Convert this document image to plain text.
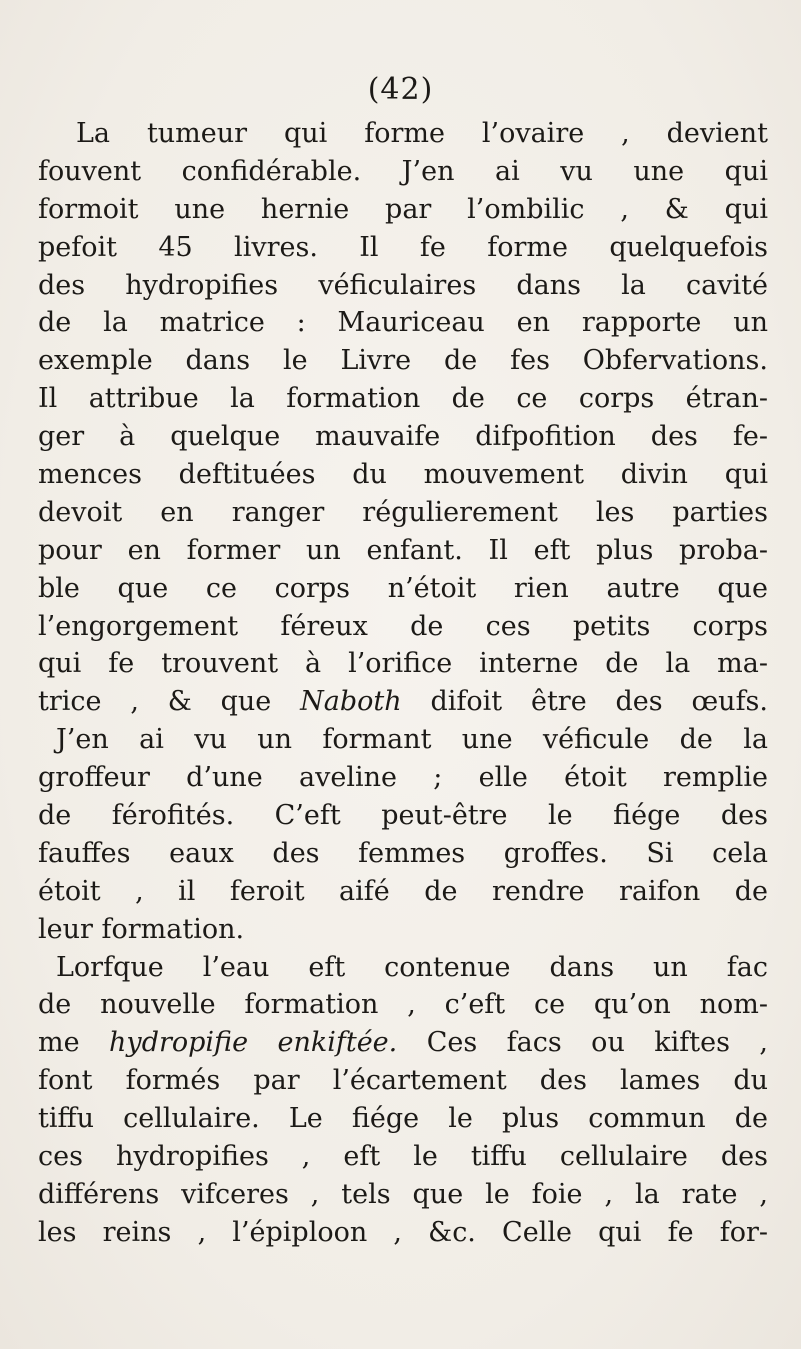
(42)
La tumeur qui forme l’ovaire , devient
fouvent confidérable. J’en ai vu une qui
formoit une hernie par l’ombilic , & qui
pefoit 45 livres. Il fe forme quelquefois
des hydropifies véficulaires dans la cavité
de la matrice : Mauriceau en rapporte un
exemple dans le Livre de fes Obfervations.
Il attribue la formation de ce corps étran-
ger à quelque mauvaife difpofition des fe-
mences deftituées du mouvement divin qui
devoit en ranger régulierement les parties
pour en former un enfant. Il eft plus proba-
ble que ce corps n’étoit rien autre que
l’engorgement féreux de ces petits corps
qui fe trouvent à l’orifice interne de la ma-
trice , & que Naboth difoit être des œufs.
J’en ai vu un formant une véficule de la
groffeur d’une aveline ; elle étoit remplie
de férofités. C’eft peut-être le fiége des
fauffes eaux des femmes groffes. Si cela
étoit , il feroit aifé de rendre raifon de
leur formation.
Lorfque l’eau eft contenue dans un fac
de nouvelle formation , c’eft ce qu’on nom-
me hydropifie enkiftée. Ces facs ou kiftes ,
font formés par l’écartement des lames du
tiffu cellulaire. Le fiége le plus commun de
ces hydropifies , eft le tiffu cellulaire des
différens vifceres , tels que le foie , la rate ,
les reins , l’épiploon , &c. Celle qui fe for-
